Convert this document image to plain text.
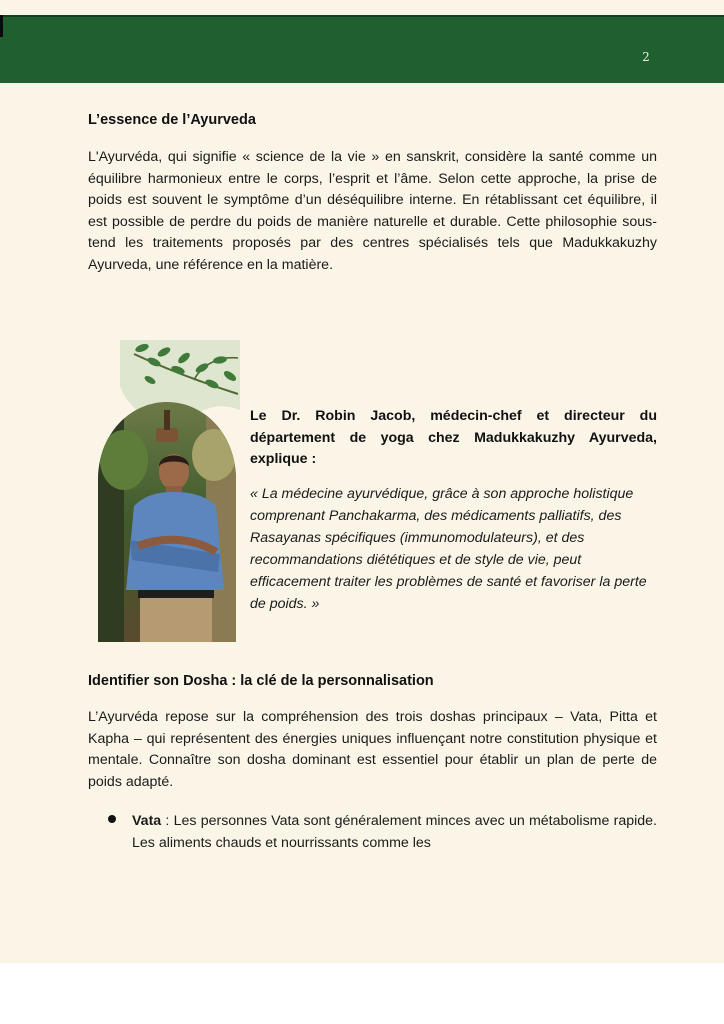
2
L’essence de l’Ayurveda

L'Ayurvéda, qui signifie « science de la vie » en sanskrit, considère la santé comme un équilibre harmonieux entre le corps, l’esprit et l’âme. Selon cette approche, la prise de poids est souvent le symptôme d’un déséquilibre interne. En rétablissant cet équilibre, il est possible de perdre du poids de manière naturelle et durable. Cette philosophie sous-tend les traitements proposés par des centres spécialisés tels que Madukkakuzhy Ayurveda, une référence en la matière.

Le Dr. Robin Jacob, médecin-chef et directeur du département de yoga chez Madukkakuzhy Ayurveda, explique :

« La médecine ayurvédique, grâce à son approche holistique comprenant Panchakarma, des médicaments palliatifs, des Rasayanas spécifiques (immunomodulateurs), et des recommandations diététiques et de style de vie, peut efficacement traiter les problèmes de santé et favoriser la perte de poids. »

Identifier son Dosha : la clé de la personnalisation

L’Ayurvéda repose sur la compréhension des trois doshas principaux – Vata, Pitta et Kapha – qui représentent des énergies uniques influençant notre constitution physique et mentale. Connaître son dosha dominant est essentiel pour établir un plan de perte de poids adapté.

Vata : Les personnes Vata sont généralement minces avec un métabolisme rapide. Les aliments chauds et nourrissants comme les
